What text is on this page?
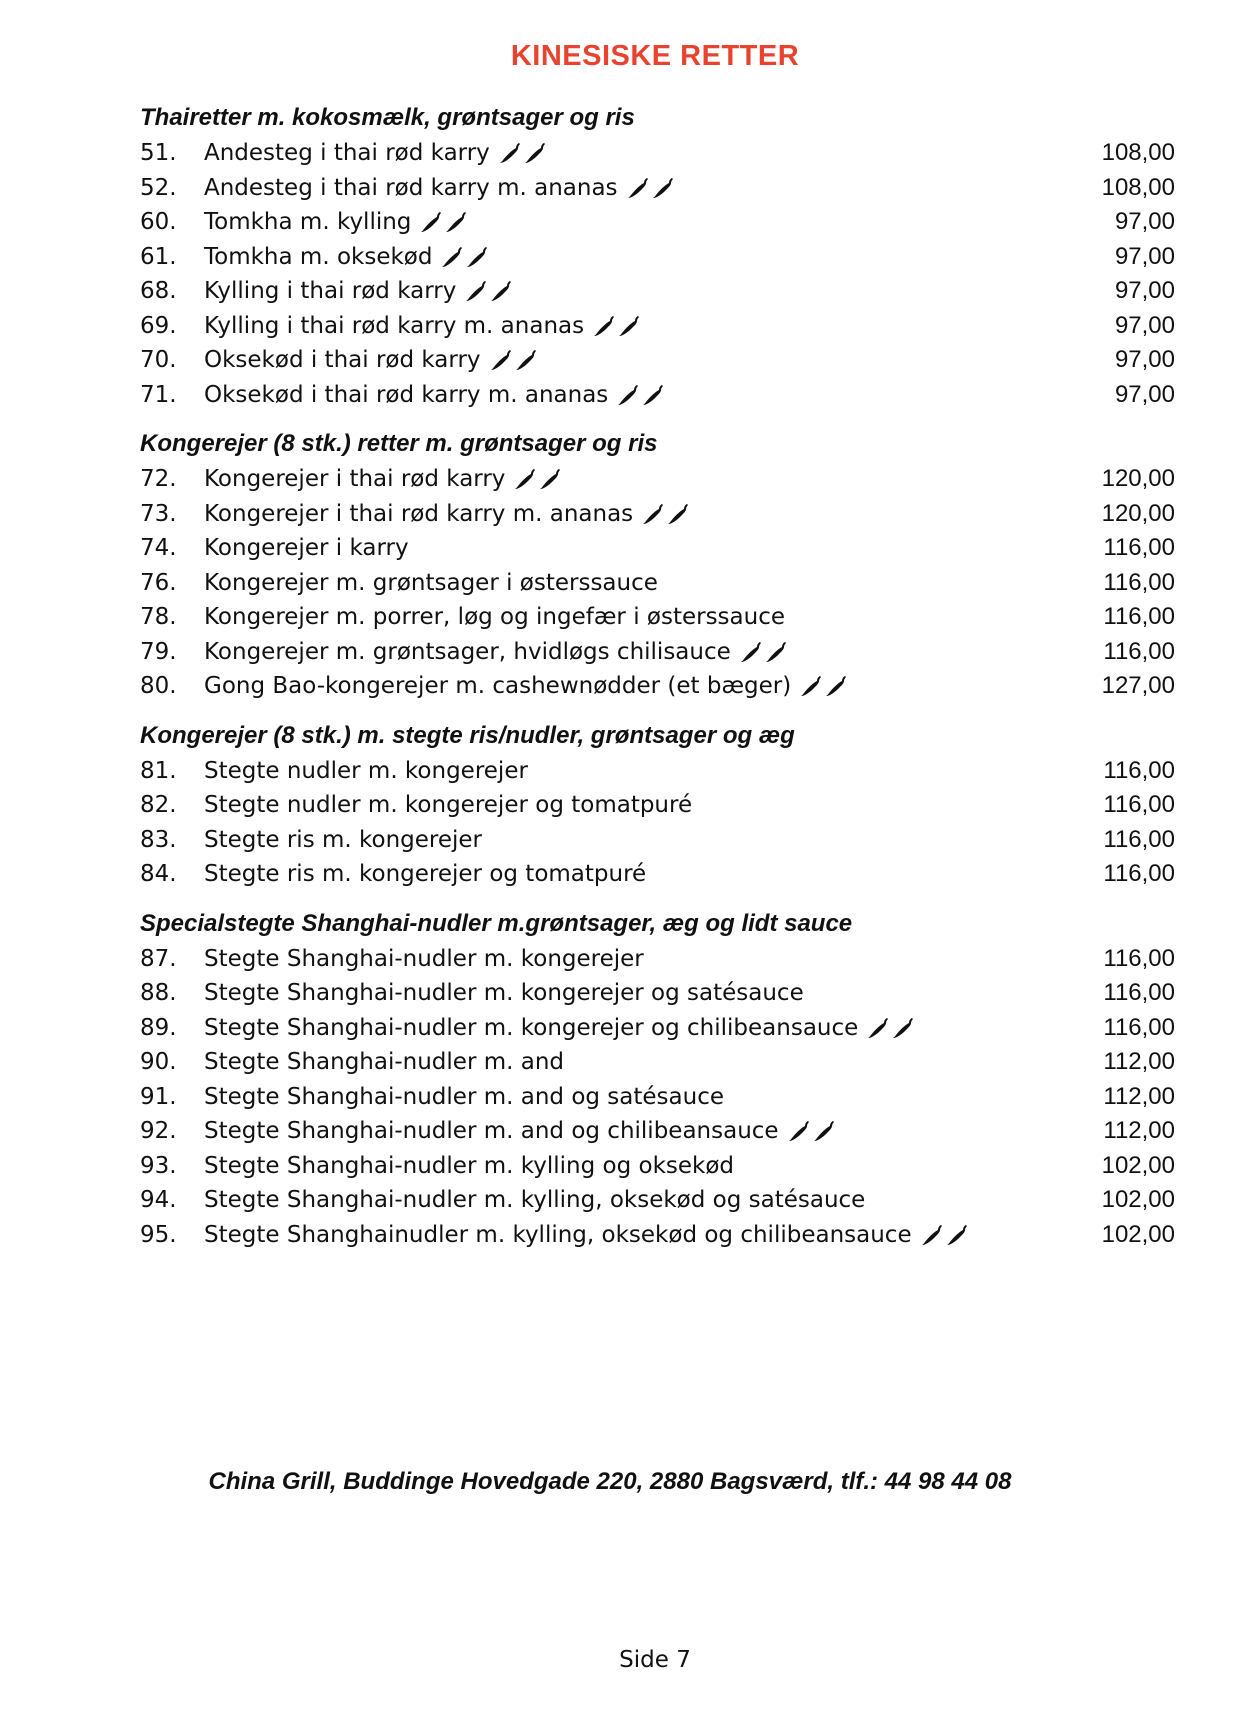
KINESISKE RETTER
Thairetter m. kokosmælk, grøntsager og ris
51.	Andesteg i thai rød karry	108,00
52.	Andesteg i thai rød karry m. ananas	108,00
60.	Tomkha m. kylling	97,00
61.	Tomkha m. oksekød	97,00
68.	Kylling i thai rød karry	97,00
69.	Kylling i thai rød karry m. ananas	97,00
70.	Oksekød i thai rød karry	97,00
71.	Oksekød i thai rød karry m. ananas	97,00
Kongerejer (8 stk.) retter m. grøntsager og ris
72.	Kongerejer i thai rød karry	120,00
73.	Kongerejer i thai rød karry m. ananas	120,00
74.	Kongerejer i karry	116,00
76.	Kongerejer m. grøntsager i østerssauce	116,00
78.	Kongerejer m. porrer, løg og ingefær i østerssauce	116,00
79.	Kongerejer m. grøntsager, hvidløgs chilisauce	116,00
80.	Gong Bao-kongerejer m. cashewnødder (et bæger)	127,00
Kongerejer (8 stk.) m. stegte ris/nudler, grøntsager og æg
81.	Stegte nudler m. kongerejer	116,00
82.	Stegte nudler m. kongerejer og tomatpuré	116,00
83.	Stegte ris m. kongerejer	116,00
84.	Stegte ris m. kongerejer og tomatpuré	116,00
Specialstegte Shanghai-nudler m.grøntsager, æg og lidt sauce
87.	Stegte Shanghai-nudler m. kongerejer	116,00
88.	Stegte Shanghai-nudler m. kongerejer og satésauce	116,00
89.	Stegte Shanghai-nudler m. kongerejer og chilibeansauce	116,00
90.	Stegte Shanghai-nudler m. and	112,00
91.	Stegte Shanghai-nudler m. and og satésauce	112,00
92.	Stegte Shanghai-nudler m. and og chilibeansauce	112,00
93.	Stegte Shanghai-nudler m. kylling og oksekød	102,00
94.	Stegte Shanghai-nudler m. kylling, oksekød og satésauce	102,00
95.	Stegte Shanghainudler m. kylling, oksekød og chilibeansauce	102,00
China Grill, Buddinge Hovedgade 220, 2880 Bagsværd, tlf.: 44 98 44 08
Side 7
